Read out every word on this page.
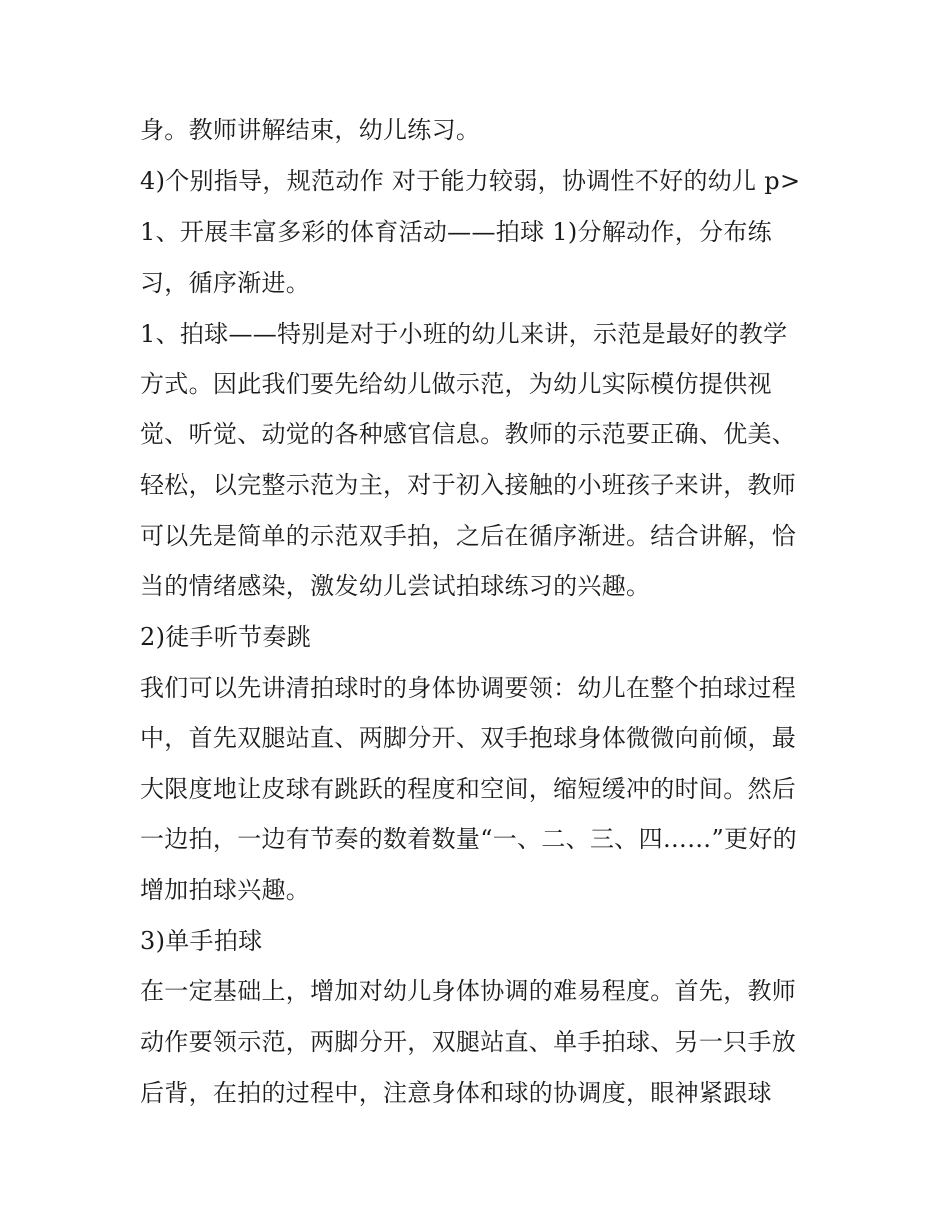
身。教师讲解结束，幼儿练习。
4)个别指导，规范动作 对于能力较弱，协调性不好的幼儿 p>
1、开展丰富多彩的体育活动——拍球 1)分解动作，分布练
习，循序渐进。
1、拍球——特别是对于小班的幼儿来讲，示范是最好的教学
方式。因此我们要先给幼儿做示范，为幼儿实际模仿提供视
觉、听觉、动觉的各种感官信息。教师的示范要正确、优美、
轻松，以完整示范为主，对于初入接触的小班孩子来讲，教师
可以先是简单的示范双手拍，之后在循序渐进。结合讲解，恰
当的情绪感染，激发幼儿尝试拍球练习的兴趣。
2)徒手听节奏跳
我们可以先讲清拍球时的身体协调要领：幼儿在整个拍球过程
中，首先双腿站直、两脚分开、双手抱球身体微微向前倾，最
大限度地让皮球有跳跃的程度和空间，缩短缓冲的时间。然后
一边拍，一边有节奏的数着数量“一、二、三、四……”更好的
增加拍球兴趣。
3)单手拍球
在一定基础上，增加对幼儿身体协调的难易程度。首先，教师
动作要领示范，两脚分开，双腿站直、单手拍球、另一只手放
后背，在拍的过程中，注意身体和球的协调度，眼神紧跟球
